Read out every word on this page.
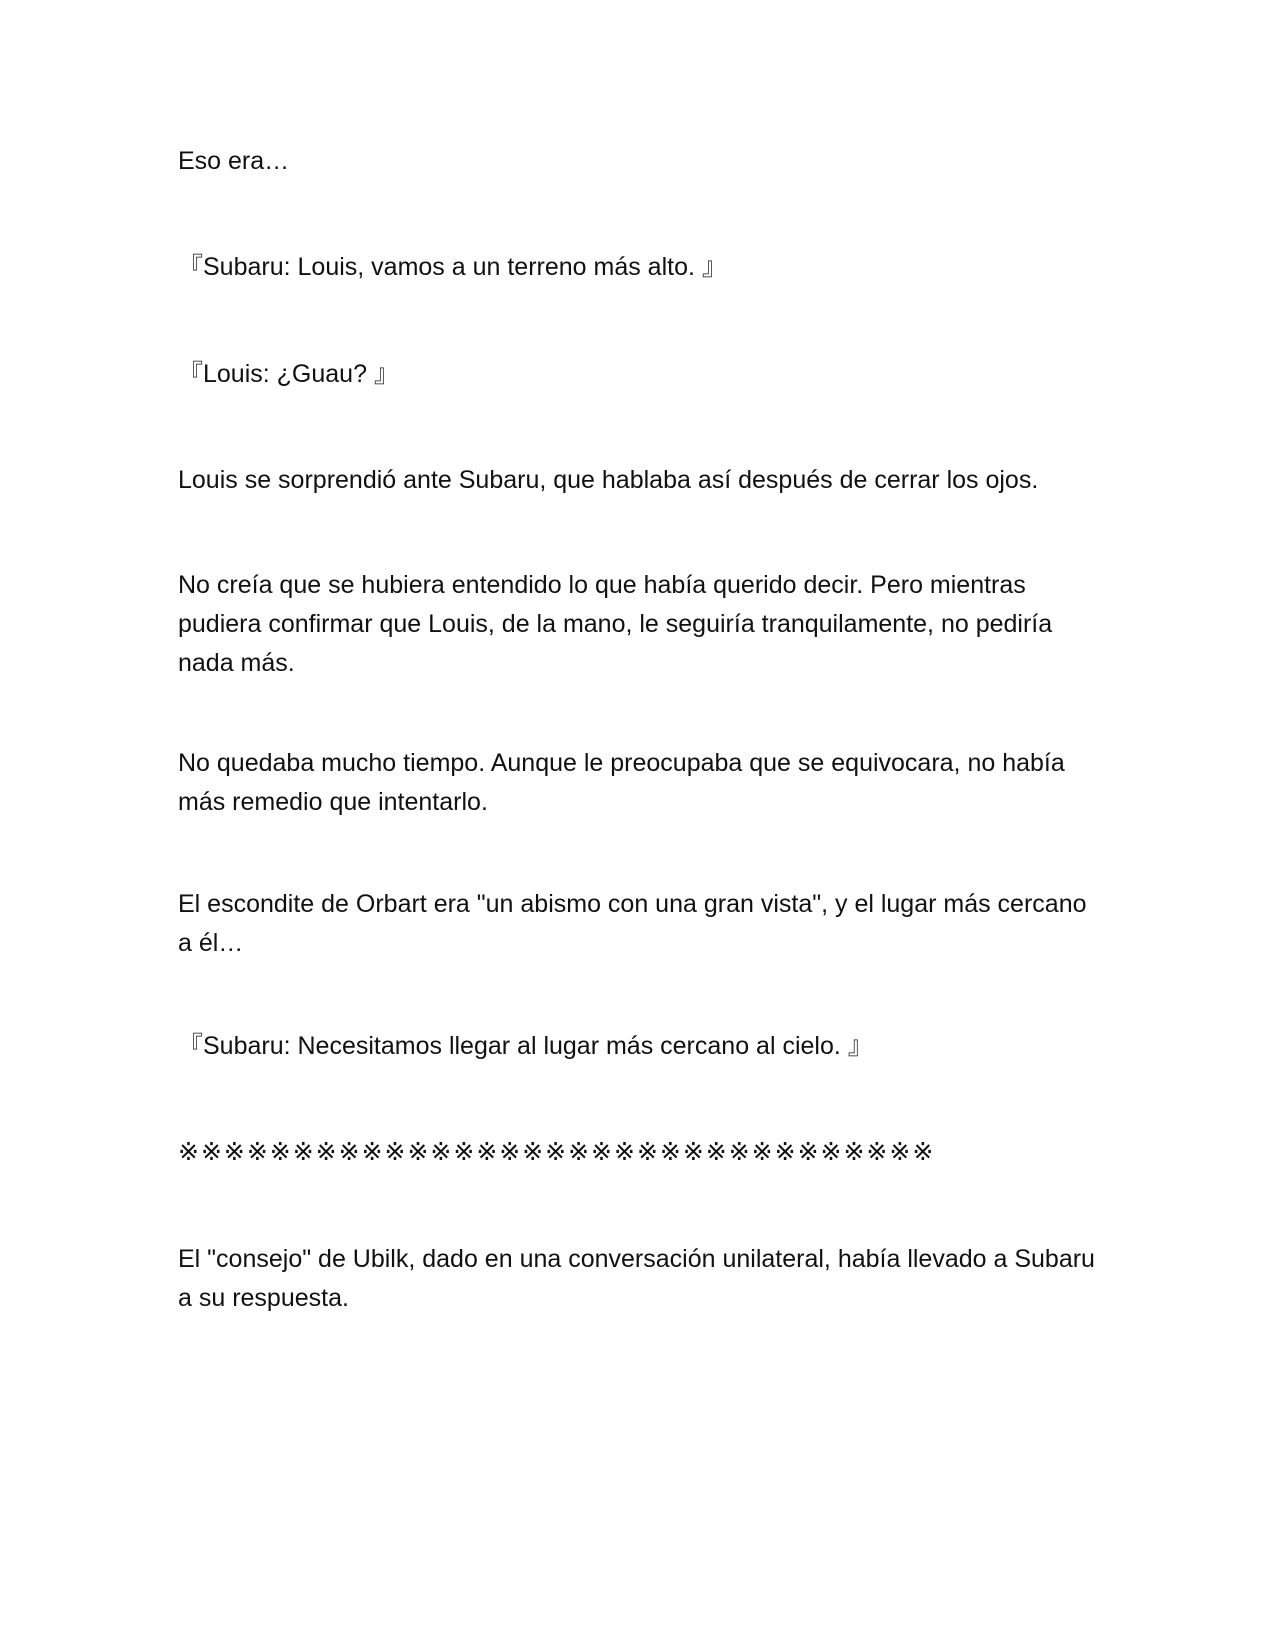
Eso era…

『Subaru: Louis, vamos a un terreno más alto. 』

『Louis: ¿Guau? 』

Louis se sorprendió ante Subaru, que hablaba así después de cerrar los ojos.

No creía que se hubiera entendido lo que había querido decir. Pero mientras pudiera confirmar que Louis, de la mano, le seguiría tranquilamente, no pediría nada más.

No quedaba mucho tiempo. Aunque le preocupaba que se equivocara, no había más remedio que intentarlo.

El escondite de Orbart era "un abismo con una gran vista", y el lugar más cercano a él…

『Subaru: Necesitamos llegar al lugar más cercano al cielo. 』

※※※※※※※※※※※※※※※※※※※※※※※※※※※※※※※※※

El "consejo" de Ubilk, dado en una conversación unilateral, había llevado a Subaru a su respuesta.
